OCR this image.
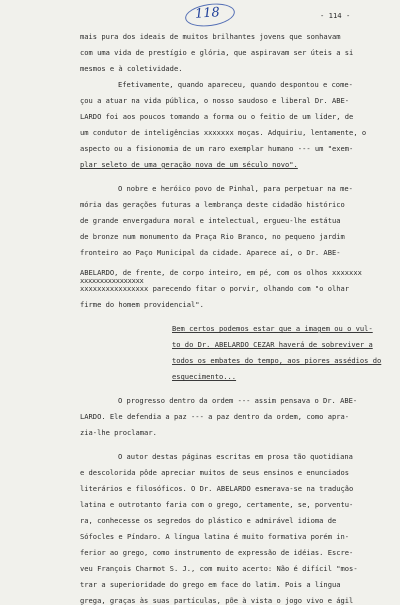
118	- 114 -
mais pura dos ideais de muitos brilhantes jovens que sonhavam
com uma vida de prestígio e glória, que aspiravam ser úteis a si
mesmos e à coletividade.
Efetivamente, quando apareceu, quando despontou e come-
çou a atuar na vida pública, o nosso saudoso e liberal Dr. ABE-
LARDO foi aos poucos tomando a forma ou o feitio de um líder, de
um condutor de inteligências xxxxxxx moças. Adquiriu, lentamente, o
aspecto ou a fisionomia de um raro exemplar humano --- um "exem-
plar seleto de uma geração nova de um século novo".
O nobre e heróico povo de Pinhal, para perpetuar na me-
mória das gerações futuras a lembrança deste cidadão histórico
de grande envergadura moral e intelectual, ergueu-lhe estátua
de bronze num monumento da Praça Rio Branco, no pequeno jardim
fronteiro ao Paço Municipal da cidade. Aparece aí, o Dr. ABE-
ABELARDO, de frente, de corpo inteiro, em pé, com os olhos xxxxxxx
xxxxxxxxxxxxxxxx
xxxxxxxxxxxxxxxx parecendo fitar o porvir, olhando com "o olhar
firme do homem providencial".
Bem certos podemos estar que a imagem ou o vul-
to do Dr. ABELARDO CEZAR haverá de sobreviver a
todos os embates do tempo, aos piores assédios do
esquecimento...
O progresso dentro da ordem --- assim pensava o Dr. ABE-
LARDO. Ele defendia a paz --- a paz dentro da ordem, como apra-
zia-lhe proclamar.
O autor destas páginas escritas em prosa tão quotidiana
e descolorida pôde apreciar muitos de seus ensinos e enunciados
literários e filosóficos. O Dr. ABELARDO esmerava-se na tradução
latina e outrotanto faria com o grego, certamente, se, porventu-
ra, conhecesse os segredos do plástico e admirável idioma de
Sófocles e Píndaro. A língua latina é muito formativa porém in-
ferior ao grego, como instrumento de expressão de idéias. Escre-
veu François Charmot S. J., com muito acerto: Não é difícil "mos-
trar a superioridade do grego em face do latim. Pois a língua
grega, graças às suas partículas, põe à vista o jogo vivo e ágil
